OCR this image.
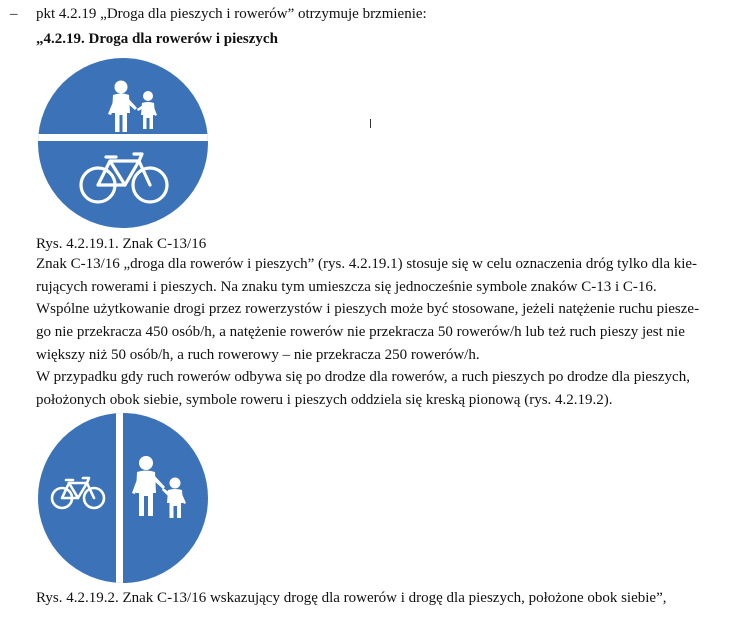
– pkt 4.2.19 „Droga dla pieszych i rowerów” otrzymuje brzmienie:
„4.2.19. Droga dla rowerów i pieszych
Rys. 4.2.19.1. Znak C-13/16
Znak C-13/16 „droga dla rowerów i pieszych” (rys. 4.2.19.1) stosuje się w celu oznaczenia dróg tylko dla kie-
rujących rowerami i pieszych. Na znaku tym umieszcza się jednocześnie symbole znaków C-13 i C-16.
Wspólne użytkowanie drogi przez rowerzystów i pieszych może być stosowane, jeżeli natężenie ruchu piesze-
go nie przekracza 450 osób/h, a natężenie rowerów nie przekracza 50 rowerów/h lub też ruch pieszy jest nie
większy niż 50 osób/h, a ruch rowerowy – nie przekracza 250 rowerów/h.
W przypadku gdy ruch rowerów odbywa się po drodze dla rowerów, a ruch pieszych po drodze dla pieszych,
położonych obok siebie, symbole roweru i pieszych oddziela się kreską pionową (rys. 4.2.19.2).
Rys. 4.2.19.2. Znak C-13/16 wskazujący drogę dla rowerów i drogę dla pieszych, położone obok siebie”,
